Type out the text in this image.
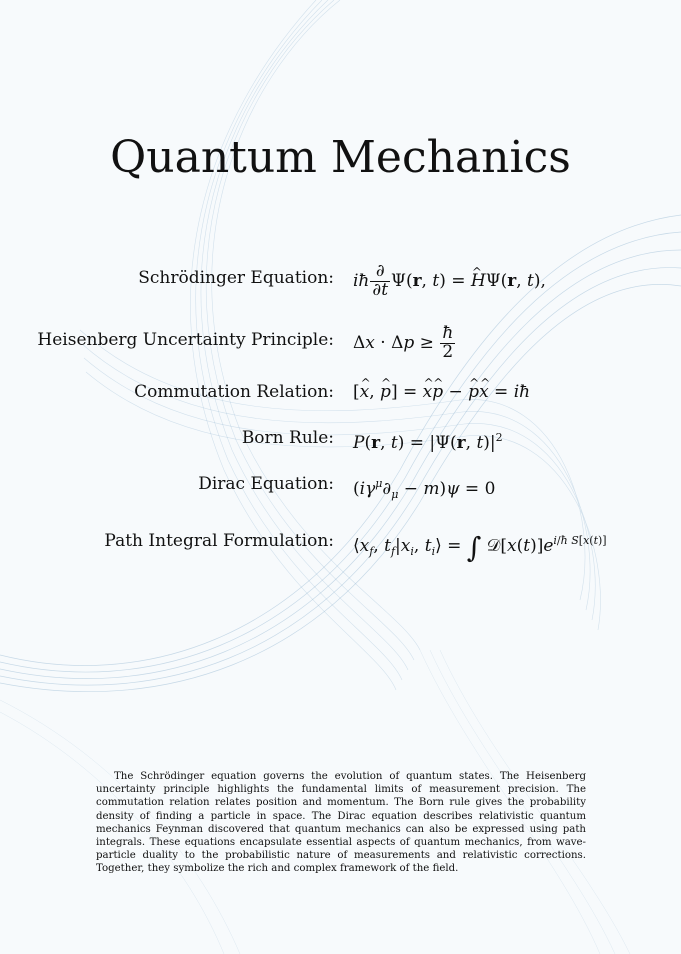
Quantum Mechanics
Schrödinger Equation: iħ $\frac{\partial}{\partial t} \Psi(r$, t) = ^ HΨ(r, t),
Heisenberg Uncertainty Principle: $\Delta x \cdot \Delta p \ge \frac{ħ}{2}$
Commutation Relation: [^ x, ^ p] = ^ x^ p − ^ p^ x = iħ
Born Rule: P(r, t) = |Ψ(r, $t)|^2$
Dirac Equation: $(i\gamma^\mu\partial_\mu - m)\psi = 0$
Path Integral Formulation: $⟨x_f$, $t_f|x_i$, $t_i⟩$ = ∫ $𝒟[x(t)]e^{i/ħ S[x(t)]}$

The Schrödinger equation governs the evolution of quantum states. The Heisenberg uncertainty principle highlights the fundamental limits of measurement precision. The commutation relation relates position and momentum. The Born rule gives the probability density of finding a particle in space. The Dirac equation describes relativistic quantum mechanics Feynman discovered that quantum mechanics can also be expressed using path integrals. These equations encapsulate essential aspects of quantum mechanics, from wave-particle duality to the probabilistic nature of measurements and relativistic corrections. Together, they symbolize the rich and complex framework of the field.
